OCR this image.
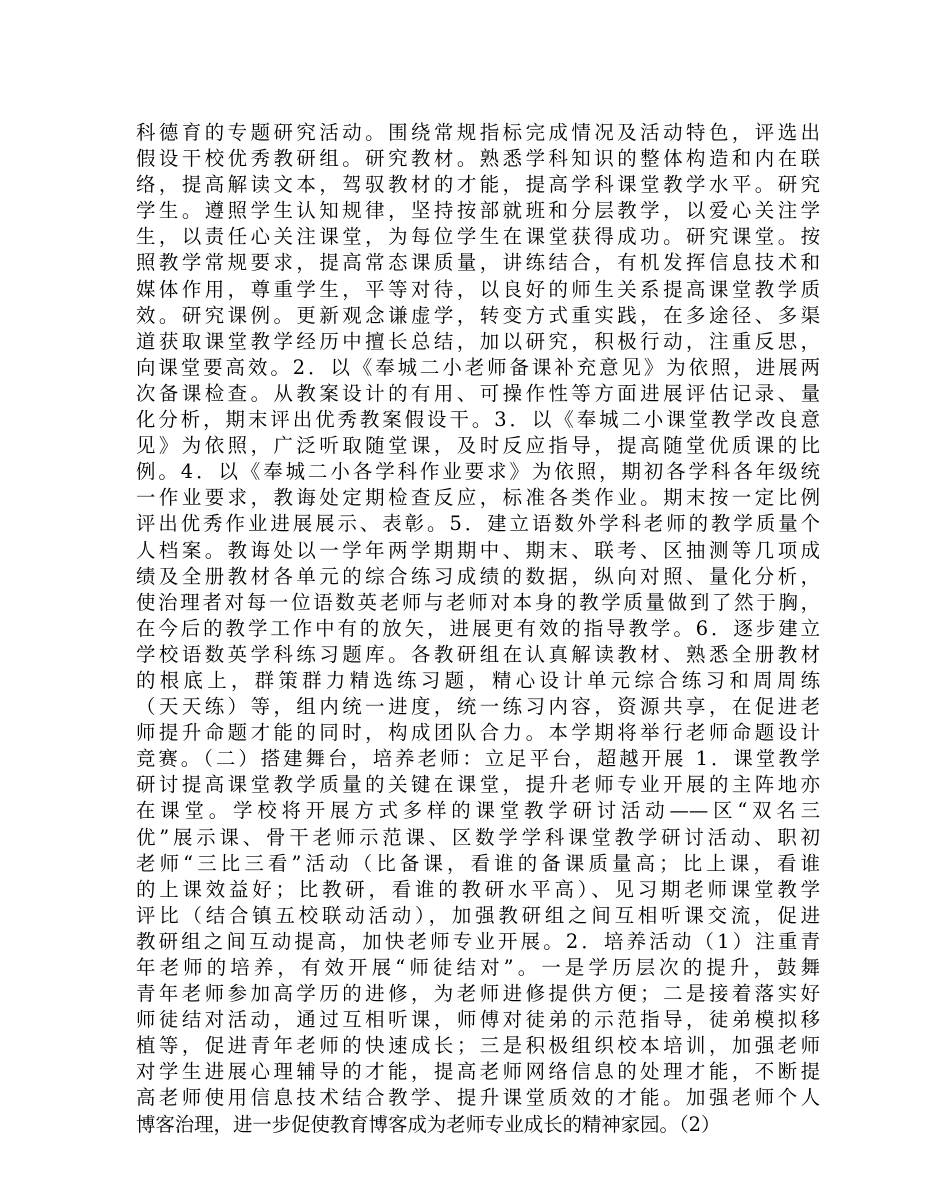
科德育的专题研究活动。围绕常规指标完成情况及活动特色，评选出
假设干校优秀教研组。研究教材。熟悉学科知识的整体构造和内在联
络，提高解读文本，驾驭教材的才能，提高学科课堂教学水平。研究
学生。遵照学生认知规律，坚持按部就班和分层教学，以爱心关注学
生，以责任心关注课堂，为每位学生在课堂获得成功。研究课堂。按
照教学常规要求，提高常态课质量，讲练结合，有机发挥信息技术和
媒体作用，尊重学生，平等对待，以良好的师生关系提高课堂教学质
效。研究课例。更新观念谦虚学，转变方式重实践，在多途径、多渠
道获取课堂教学经历中擅长总结，加以研究，积极行动，注重反思，
向课堂要高效。2．以《奉城二小老师备课补充意见》为依照，进展两
次备课检查。从教案设计的有用、可操作性等方面进展评估记录、量
化分析，期末评出优秀教案假设干。3．以《奉城二小课堂教学改良意
见》为依照，广泛听取随堂课，及时反应指导，提高随堂优质课的比
例。4．以《奉城二小各学科作业要求》为依照，期初各学科各年级统
一作业要求，教诲处定期检查反应，标准各类作业。期末按一定比例
评出优秀作业进展展示、表彰。5．建立语数外学科老师的教学质量个
人档案。教诲处以一学年两学期期中、期末、联考、区抽测等几项成
绩及全册教材各单元的综合练习成绩的数据，纵向对照、量化分析，
使治理者对每一位语数英老师与老师对本身的教学质量做到了然于胸，
在今后的教学工作中有的放矢，进展更有效的指导教学。6．逐步建立
学校语数英学科练习题库。各教研组在认真解读教材、熟悉全册教材
的根底上，群策群力精选练习题，精心设计单元综合练习和周周练
（天天练）等，组内统一进度，统一练习内容，资源共享，在促进老
师提升命题才能的同时，构成团队合力。本学期将举行老师命题设计
竞赛。（二）搭建舞台，培养老师：立足平台，超越开展 1．课堂教学
研讨提高课堂教学质量的关键在课堂，提升老师专业开展的主阵地亦
在课堂。学校将开展方式多样的课堂教学研讨活动——区“双名三
优”展示课、骨干老师示范课、区数学学科课堂教学研讨活动、职初
老师“三比三看”活动（比备课，看谁的备课质量高；比上课，看谁
的上课效益好；比教研，看谁的教研水平高）、见习期老师课堂教学
评比（结合镇五校联动活动），加强教研组之间互相听课交流，促进
教研组之间互动提高，加快老师专业开展。2．培养活动（1）注重青
年老师的培养，有效开展“师徒结对”。一是学历层次的提升，鼓舞
青年老师参加高学历的进修，为老师进修提供方便；二是接着落实好
师徒结对活动，通过互相听课，师傅对徒弟的示范指导，徒弟模拟移
植等，促进青年老师的快速成长；三是积极组织校本培训，加强老师
对学生进展心理辅导的才能，提高老师网络信息的处理才能，不断提
高老师使用信息技术结合教学、提升课堂质效的才能。加强老师个人
博客治理，进一步促使教育博客成为老师专业成长的精神家园。（2）
